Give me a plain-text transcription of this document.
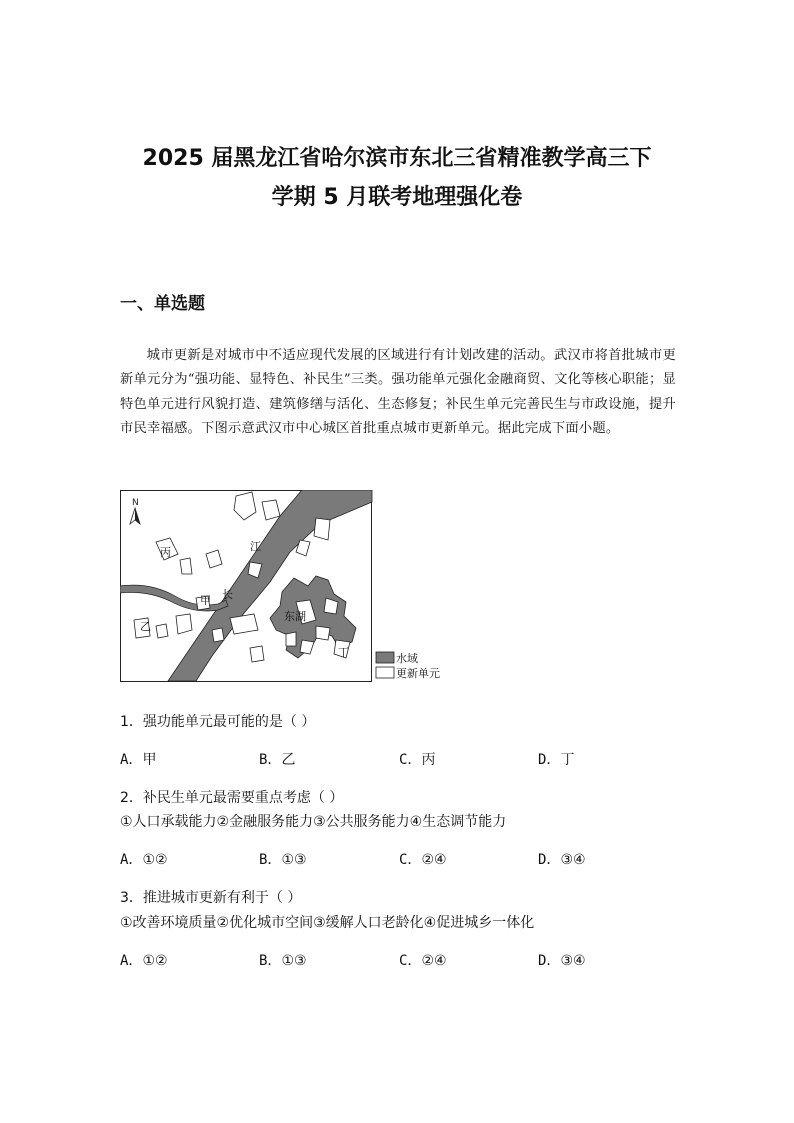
2025 届黑龙江省哈尔滨市东北三省精准教学高三下
学期 5 月联考地理强化卷
一、单选题
城市更新是对城市中不适应现代发展的区域进行有计划改建的活动。武汉市将首批城市更新单元分为“强功能、显特色、补民生”三类。强功能单元强化金融商贸、文化等核心职能；显特色单元进行风貌打造、建筑修缮与活化、生态修复；补民生单元完善民生与市政设施，提升市民幸福感。下图示意武汉市中心城区首批重点城市更新单元。据此完成下面小题。
N
江
长
甲
乙
丙
丁
东湖
水域
更新单元
1．强功能单元最可能的是（ ）
A．甲	B．乙	C．丙	D．丁
2．补民生单元最需要重点考虑（ ）
①人口承载能力②金融服务能力③公共服务能力④生态调节能力
A．①②	B．①③	C．②④	D．③④
3．推进城市更新有利于（ ）
①改善环境质量②优化城市空间③缓解人口老龄化④促进城乡一体化
A．①②	B．①③	C．②④	D．③④
